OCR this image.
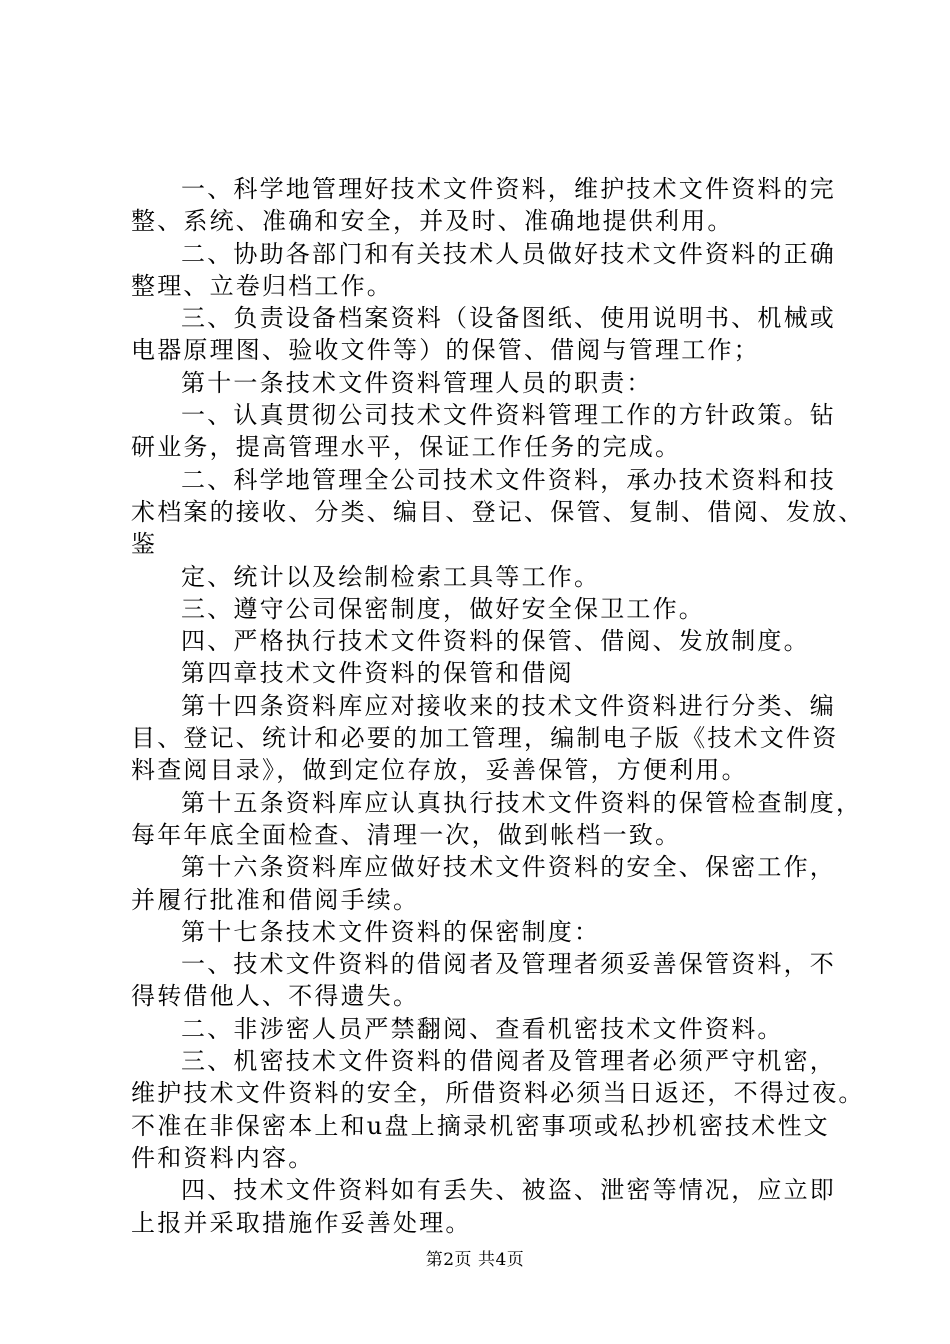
一、科学地管理好技术文件资料，维护技术文件资料的完
整、系统、准确和安全，并及时、准确地提供利用。
二、协助各部门和有关技术人员做好技术文件资料的正确
整理、立卷归档工作。
三、负责设备档案资料（设备图纸、使用说明书、机械或
电器原理图、验收文件等）的保管、借阅与管理工作；
第十一条技术文件资料管理人员的职责：
一、认真贯彻公司技术文件资料管理工作的方针政策。钻
研业务，提高管理水平，保证工作任务的完成。
二、科学地管理全公司技术文件资料，承办技术资料和技
术档案的接收、分类、编目、登记、保管、复制、借阅、发放、
鉴
定、统计以及绘制检索工具等工作。
三、遵守公司保密制度，做好安全保卫工作。
四、严格执行技术文件资料的保管、借阅、发放制度。
第四章技术文件资料的保管和借阅
第十四条资料库应对接收来的技术文件资料进行分类、编
目、登记、统计和必要的加工管理，编制电子版《技术文件资
料查阅目录》，做到定位存放，妥善保管，方便利用。
第十五条资料库应认真执行技术文件资料的保管检查制度，
每年年底全面检查、清理一次，做到帐档一致。
第十六条资料库应做好技术文件资料的安全、保密工作，
并履行批准和借阅手续。
第十七条技术文件资料的保密制度：
一、技术文件资料的借阅者及管理者须妥善保管资料，不
得转借他人、不得遗失。
二、非涉密人员严禁翻阅、查看机密技术文件资料。
三、机密技术文件资料的借阅者及管理者必须严守机密，
维护技术文件资料的安全，所借资料必须当日返还，不得过夜。
不准在非保密本上和u盘上摘录机密事项或私抄机密技术性文
件和资料内容。
四、技术文件资料如有丢失、被盗、泄密等情况，应立即
上报并采取措施作妥善处理。
第2页 共4页
